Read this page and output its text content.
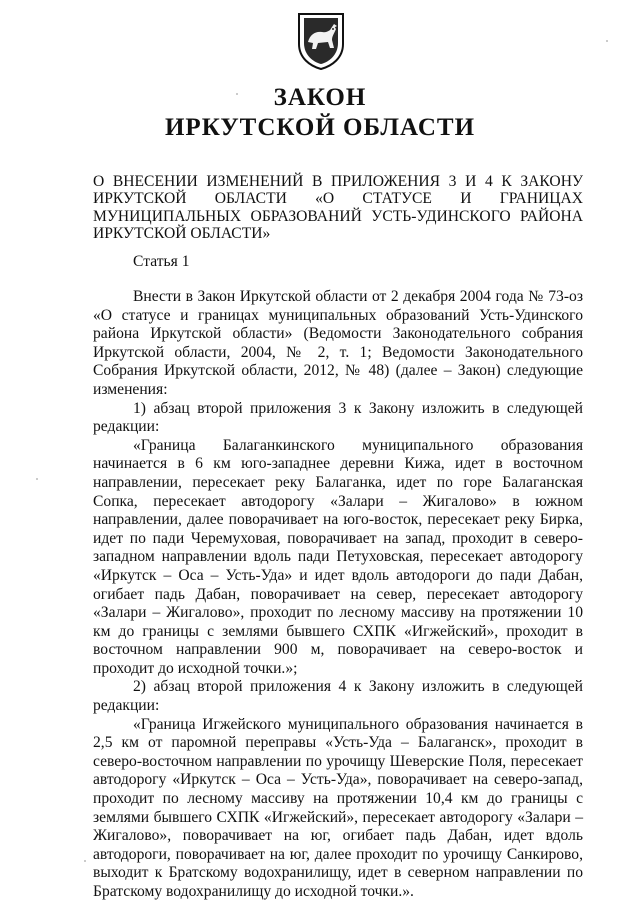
ЗАКОН
ИРКУТСКОЙ ОБЛАСТИ
О ВНЕСЕНИИ ИЗМЕНЕНИЙ В ПРИЛОЖЕНИЯ 3 И 4 К ЗАКОНУ ИРКУТСКОЙ ОБЛАСТИ «О СТАТУСЕ И ГРАНИЦАХ МУНИЦИПАЛЬНЫХ ОБРАЗОВАНИЙ УСТЬ-УДИНСКОГО РАЙОНА ИРКУТСКОЙ ОБЛАСТИ»
Статья 1

Внести в Закон Иркутской области от 2 декабря 2004 года № 73-оз «О статусе и границах муниципальных образований Усть-Удинского района Иркутской области» (Ведомости Законодательного собрания Иркутской области, 2004, № 2, т. 1; Ведомости Законодательного Собрания Иркутской области, 2012, № 48) (далее – Закон) следующие изменения:

1) абзац второй приложения 3 к Закону изложить в следующей редакции:

«Граница Балаганкинского муниципального образования начинается в 6 км юго-западнее деревни Кижа, идет в восточном направлении, пересекает реку Балаганка, идет по горе Балаганская Сопка, пересекает автодорогу «Залари – Жигалово» в южном направлении, далее поворачивает на юго-восток, пересекает реку Бирка, идет по пади Черемуховая, поворачивает на запад, проходит в северо-западном направлении вдоль пади Петуховская, пересекает автодорогу «Иркутск – Оса – Усть-Уда» и идет вдоль автодороги до пади Дабан, огибает падь Дабан, поворачивает на север, пересекает автодорогу «Залари – Жигалово», проходит по лесному массиву на протяжении 10 км до границы с землями бывшего СХПК «Игжейский», проходит в восточном направлении 900 м, поворачивает на северо-восток и проходит до исходной точки.»;

2) абзац второй приложения 4 к Закону изложить в следующей редакции:

«Граница Игжейского муниципального образования начинается в 2,5 км от паромной переправы «Усть-Уда – Балаганск», проходит в северо-восточном направлении по урочищу Шеверские Поля, пересекает автодорогу «Иркутск – Оса – Усть-Уда», поворачивает на северо-запад, проходит по лесному массиву на протяжении 10,4 км до границы с землями бывшего СХПК «Игжейский», пересекает автодорогу «Залари – Жигалово», поворачивает на юг, огибает падь Дабан, идет вдоль автодороги, поворачивает на юг, далее проходит по урочищу Санкирово, выходит к Братскому водохранилищу, идет в северном направлении по Братскому водохранилищу до исходной точки.».
